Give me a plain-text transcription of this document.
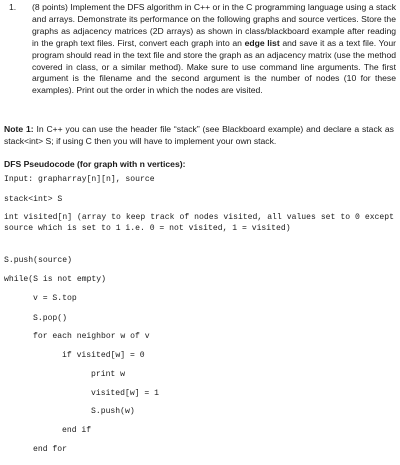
1. (8 points) Implement the DFS algorithm in C++ or in the C programming language using a stack and arrays. Demonstrate its performance on the following graphs and source vertices. Store the graphs as adjacency matrices (2D arrays) as shown in class/blackboard example after reading in the graph text files. First, convert each graph into an edge list and save it as a text file. Your program should read in the text file and store the graph as an adjacency matrix (use the method covered in class, or a similar method). Make sure to use command line arguments. The first argument is the filename and the second argument is the number of nodes (10 for these examples). Print out the order in which the nodes are visited.
Note 1: In C++ you can use the header file “stack” (see Blackboard example) and declare a stack as stack<int> S; if using C then you will have to implement your own stack.
DFS Pseudocode (for graph with n vertices):
Input: grapharray[n][n], source
stack<int> S
int visited[n] (array to keep track of nodes visited, all values set to 0 except source which is set to 1 i.e. 0 = not visited, 1 = visited)
S.push(source)
while(S is not empty)
v = S.top
S.pop()
for each neighbor w of v
if visited[w] = 0
print w
visited[w] = 1
S.push(w)
end if
end for
